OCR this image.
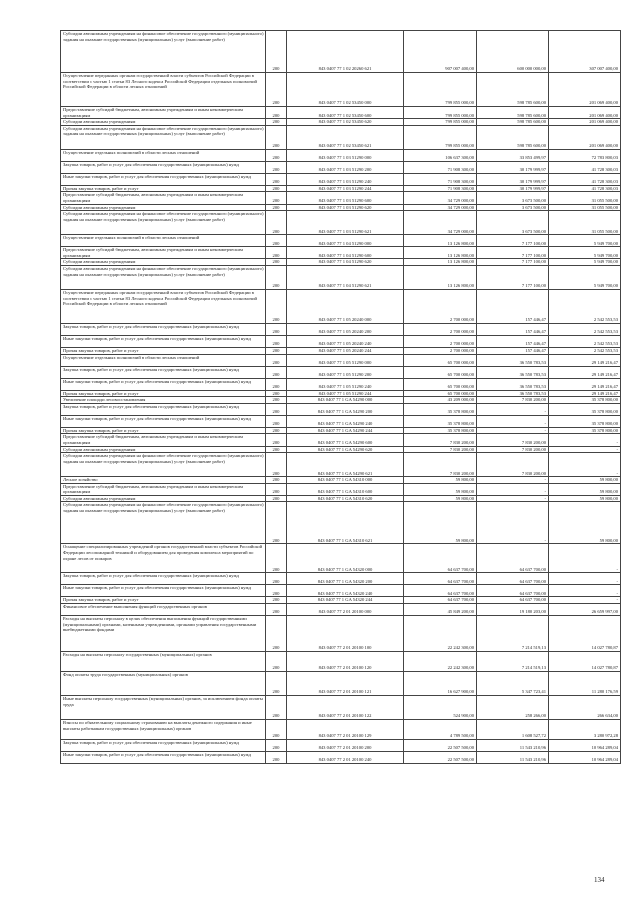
Субсидии автономным учреждениям на финансовое обеспечение государственного (муниципального) задания на оказание государственных (муниципальных) услуг (выполнение работ)	200	843 0407 77 1 02 20260 621	907 007 400,00	600 000 000,00	307 007 400,00
Осуществление переданных органам государственной власти субъектов Российской Федерации в соответствии с частью 1 статьи 83 Лесного кодекса Российской Федерации отдельных полномочий Российской Федерации в области лесных отношений	200	843 0407 77 1 02 53450 000	799 855 000,00	598 785 600,00	201 069 400,00
Предоставление субсидий бюджетным, автономным учреждениям и иным некоммерческим организациям	200	843 0407 77 1 02 53450 600	799 855 000,00	598 785 600,00	201 069 400,00
Субсидии автономным учреждениям	200	843 0407 77 1 02 53450 620	799 855 000,00	598 785 600,00	201 069 400,00
Субсидии автономным учреждениям на финансовое обеспечение государственного (муниципального) задания на оказание государственных (муниципальных) услуг (выполнение работ)	200	843 0407 77 1 02 53450 621	799 855 000,00	598 785 600,00	201 069 400,00
Осуществление отдельных полномочий в области лесных отношений	200	843 0407 77 1 03 51290 000	106 637 300,00	33 853 499,97	72 783 800,03
Закупка товаров, работ и услуг для обеспечения государственных (муниципальных) нужд	200	843 0407 77 1 03 51290 200	71 908 300,00	30 179 999,97	41 728 300,03
Иные закупки товаров, работ и услуг для обеспечения государственных (муниципальных) нужд	200	843 0407 77 1 03 51290 240	71 908 300,00	30 179 999,97	41 728 300,03
Прочая закупка товаров, работ и услуг	200	843 0407 77 1 03 51290 244	71 908 300,00	30 179 999,97	41 728 300,03
Предоставление субсидий бюджетным, автономным учреждениям и иным некоммерческим организациям	200	843 0407 77 1 03 51290 600	34 729 000,00	3 673 500,00	31 055 500,00
Субсидии автономным учреждениям	200	843 0407 77 1 03 51290 620	34 729 000,00	3 673 500,00	31 055 500,00
Субсидии автономным учреждениям на финансовое обеспечение государственного (муниципального) задания на оказание государственных (муниципальных) услуг (выполнение работ)	200	843 0407 77 1 03 51290 621	34 729 000,00	3 673 500,00	31 055 500,00
Осуществление отдельных полномочий в области лесных отношений	200	843 0407 77 1 04 51290 000	13 126 800,00	7 177 100,00	5 949 700,00
Предоставление субсидий бюджетным, автономным учреждениям и иным некоммерческим организациям	200	843 0407 77 1 04 51290 600	13 126 800,00	7 177 100,00	5 949 700,00
Субсидии автономным учреждениям	200	843 0407 77 1 04 51290 620	13 126 800,00	7 177 100,00	5 949 700,00
Субсидии автономным учреждениям на финансовое обеспечение государственного (муниципального) задания на оказание государственных (муниципальных) услуг (выполнение работ)	200	843 0407 77 1 04 51290 621	13 126 800,00	7 177 100,00	5 949 700,00
Осуществление переданных органам государственной власти субъектов Российской Федерации в соответствии с частью 1 статьи 83 Лесного кодекса Российской Федерации отдельных полномочий Российской Федерации в области лесных отношений	200	843 0407 77 1 05 20240 000	2 700 000,00	157 446,47	2 542 553,53
Закупка товаров, работ и услуг для обеспечения государственных (муниципальных) нужд	200	843 0407 77 1 05 20240 200	2 700 000,00	157 446,47	2 542 553,53
Иные закупки товаров, работ и услуг для обеспечения государственных (муниципальных) нужд	200	843 0407 77 1 05 20240 240	2 700 000,00	157 446,47	2 542 553,53
Прочая закупка товаров, работ и услуг	200	843 0407 77 1 05 20240 244	2 700 000,00	157 446,47	2 542 553,53
Осуществление отдельных полномочий в области лесных отношений	200	843 0407 77 1 05 51290 000	65 700 000,00	36 550 783,53	29 149 216,47
Закупка товаров, работ и услуг для обеспечения государственных (муниципальных) нужд	200	843 0407 77 1 05 51290 200	65 700 000,00	36 550 783,53	29 149 216,47
Иные закупки товаров, работ и услуг для обеспечения государственных (муниципальных) нужд	200	843 0407 77 1 05 51290 240	65 700 000,00	36 550 783,53	29 149 216,47
Прочая закупка товаров, работ и услуг	200	843 0407 77 1 05 51290 244	65 700 000,00	36 550 783,53	29 149 216,47
Увеличение площади лесовосстановления	200	843 0407 77 1 GA 54290 000	43 209 000,00	7 830 200,00	35 378 800,00
Закупка товаров, работ и услуг для обеспечения государственных (муниципальных) нужд	200	843 0407 77 1 GA 54290 200	35 378 800,00	-	35 378 800,00
Иные закупки товаров, работ и услуг для обеспечения государственных (муниципальных) нужд	200	843 0407 77 1 GA 54290 240	35 378 800,00	-	35 378 800,00
Прочая закупка товаров, работ и услуг	200	843 0407 77 1 GA 54290 244	35 378 800,00	-	35 378 800,00
Предоставление субсидий бюджетным, автономным учреждениям и иным некоммерческим организациям	200	843 0407 77 1 GA 54290 600	7 830 200,00	7 830 200,00	-
Субсидии автономным учреждениям	200	843 0407 77 1 GA 54290 620	7 830 200,00	7 830 200,00	-
Субсидии автономным учреждениям на финансовое обеспечение государственного (муниципального) задания на оказание государственных (муниципальных) услуг (выполнение работ)	200	843 0407 77 1 GA 54290 621	7 830 200,00	7 830 200,00	-
Лесное хозяйство	200	843 0407 77 1 GA 54310 000	59 800,00	-	59 800,00
Предоставление субсидий бюджетным, автономным учреждениям и иным некоммерческим организациям	200	843 0407 77 1 GA 54310 600	59 800,00	-	59 800,00
Субсидии автономным учреждениям	200	843 0407 77 1 GA 54310 620	59 800,00	-	59 800,00
Субсидии автономным учреждениям на финансовое обеспечение государственного (муниципального) задания на оказание государственных (муниципальных) услуг (выполнение работ)	200	843 0407 77 1 GA 54310 621	59 800,00	-	59 800,00
Оснащение специализированных учреждений органов государственной власти субъектов Российской Федерации лесопожарной техникой и оборудованием для проведения комплекса мероприятий по охране лесов от пожаров	200	843 0407 77 1 GA 54320 000	64 637 700,00	64 637 700,00	-
Закупка товаров, работ и услуг для обеспечения государственных (муниципальных) нужд	200	843 0407 77 1 GA 54320 200	64 637 700,00	64 637 700,00	-
Иные закупки товаров, работ и услуг для обеспечения государственных (муниципальных) нужд	200	843 0407 77 1 GA 54320 240	64 637 700,00	64 637 700,00	-
Прочая закупка товаров, работ и услуг	200	843 0407 77 1 GA 54320 244	64 637 700,00	64 637 700,00	-
Финансовое обеспечение выполнения функций государственных органов	200	843 0407 77 2 01 20100 000	45 849 200,00	19 180 203,00	26 659 997,00
Расходы на выплаты персоналу в целях обеспечения выполнения функций государственными (муниципальными) органами, казенными учреждениями, органами управления государственными внебюджетными фондами	200	843 0407 77 2 01 20100 100	22 242 300,00	7 214 519,13	14 027 780,87
Расходы на выплаты персоналу государственных (муниципальных) органов	200	843 0407 77 2 01 20100 120	22 242 300,00	7 214 519,13	14 027 780,87
Фонд оплаты труда государственных (муниципальных) органов	200	843 0407 77 2 01 20100 121	16 627 900,00	5 347 723,41	11 280 176,59
Иные выплаты персоналу государственных (муниципальных) органов, за исключением фонда оплаты труда	200	843 0407 77 2 01 20100 122	524 900,00	258 266,00	266 634,00
Взносы по обязательному социальному страхованию на выплаты денежного содержания и иные выплаты работникам государственных (муниципальных) органов	200	843 0407 77 2 01 20100 129	4 789 500,00	1 608 527,72	3 280 972,28
Закупка товаров, работ и услуг для обеспечения государственных (муниципальных) нужд	200	843 0407 77 2 01 20100 200	22 507 500,00	11 543 210,96	10 964 289,04
Иные закупки товаров, работ и услуг для обеспечения государственных (муниципальных) нужд	200	843 0407 77 2 01 20100 240	22 507 500,00	11 543 210,96	10 964 289,04
134
